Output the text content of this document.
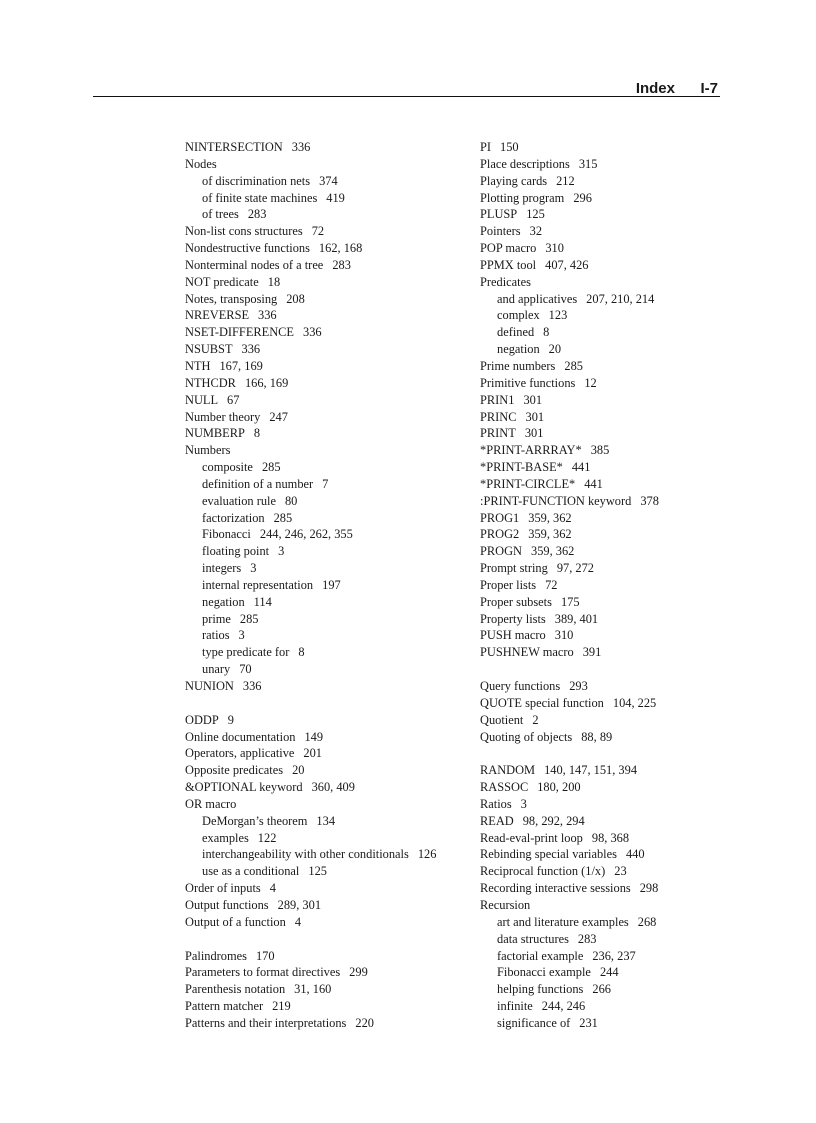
Index I-7
NINTERSECTION 336
Nodes
of discrimination nets 374
of finite state machines 419
of trees 283
Non-list cons structures 72
Nondestructive functions 162, 168
Nonterminal nodes of a tree 283
NOT predicate 18
Notes, transposing 208
NREVERSE 336
NSET-DIFFERENCE 336
NSUBST 336
NTH 167, 169
NTHCDR 166, 169
NULL 67
Number theory 247
NUMBERP 8
Numbers
composite 285
definition of a number 7
evaluation rule 80
factorization 285
Fibonacci 244, 246, 262, 355
floating point 3
integers 3
internal representation 197
negation 114
prime 285
ratios 3
type predicate for 8
unary 70
NUNION 336
ODDP 9
Online documentation 149
Operators, applicative 201
Opposite predicates 20
&OPTIONAL keyword 360, 409
OR macro
DeMorgan’s theorem 134
examples 122
interchangeability with other conditionals 126
use as a conditional 125
Order of inputs 4
Output functions 289, 301
Output of a function 4
Palindromes 170
Parameters to format directives 299
Parenthesis notation 31, 160
Pattern matcher 219
Patterns and their interpretations 220
PI 150
Place descriptions 315
Playing cards 212
Plotting program 296
PLUSP 125
Pointers 32
POP macro 310
PPMX tool 407, 426
Predicates
and applicatives 207, 210, 214
complex 123
defined 8
negation 20
Prime numbers 285
Primitive functions 12
PRIN1 301
PRINC 301
PRINT 301
*PRINT-ARRRAY* 385
*PRINT-BASE* 441
*PRINT-CIRCLE* 441
:PRINT-FUNCTION keyword 378
PROG1 359, 362
PROG2 359, 362
PROGN 359, 362
Prompt string 97, 272
Proper lists 72
Proper subsets 175
Property lists 389, 401
PUSH macro 310
PUSHNEW macro 391
Query functions 293
QUOTE special function 104, 225
Quotient 2
Quoting of objects 88, 89
RANDOM 140, 147, 151, 394
RASSOC 180, 200
Ratios 3
READ 98, 292, 294
Read-eval-print loop 98, 368
Rebinding special variables 440
Reciprocal function (1/x) 23
Recording interactive sessions 298
Recursion
art and literature examples 268
data structures 283
factorial example 236, 237
Fibonacci example 244
helping functions 266
infinite 244, 246
significance of 231
